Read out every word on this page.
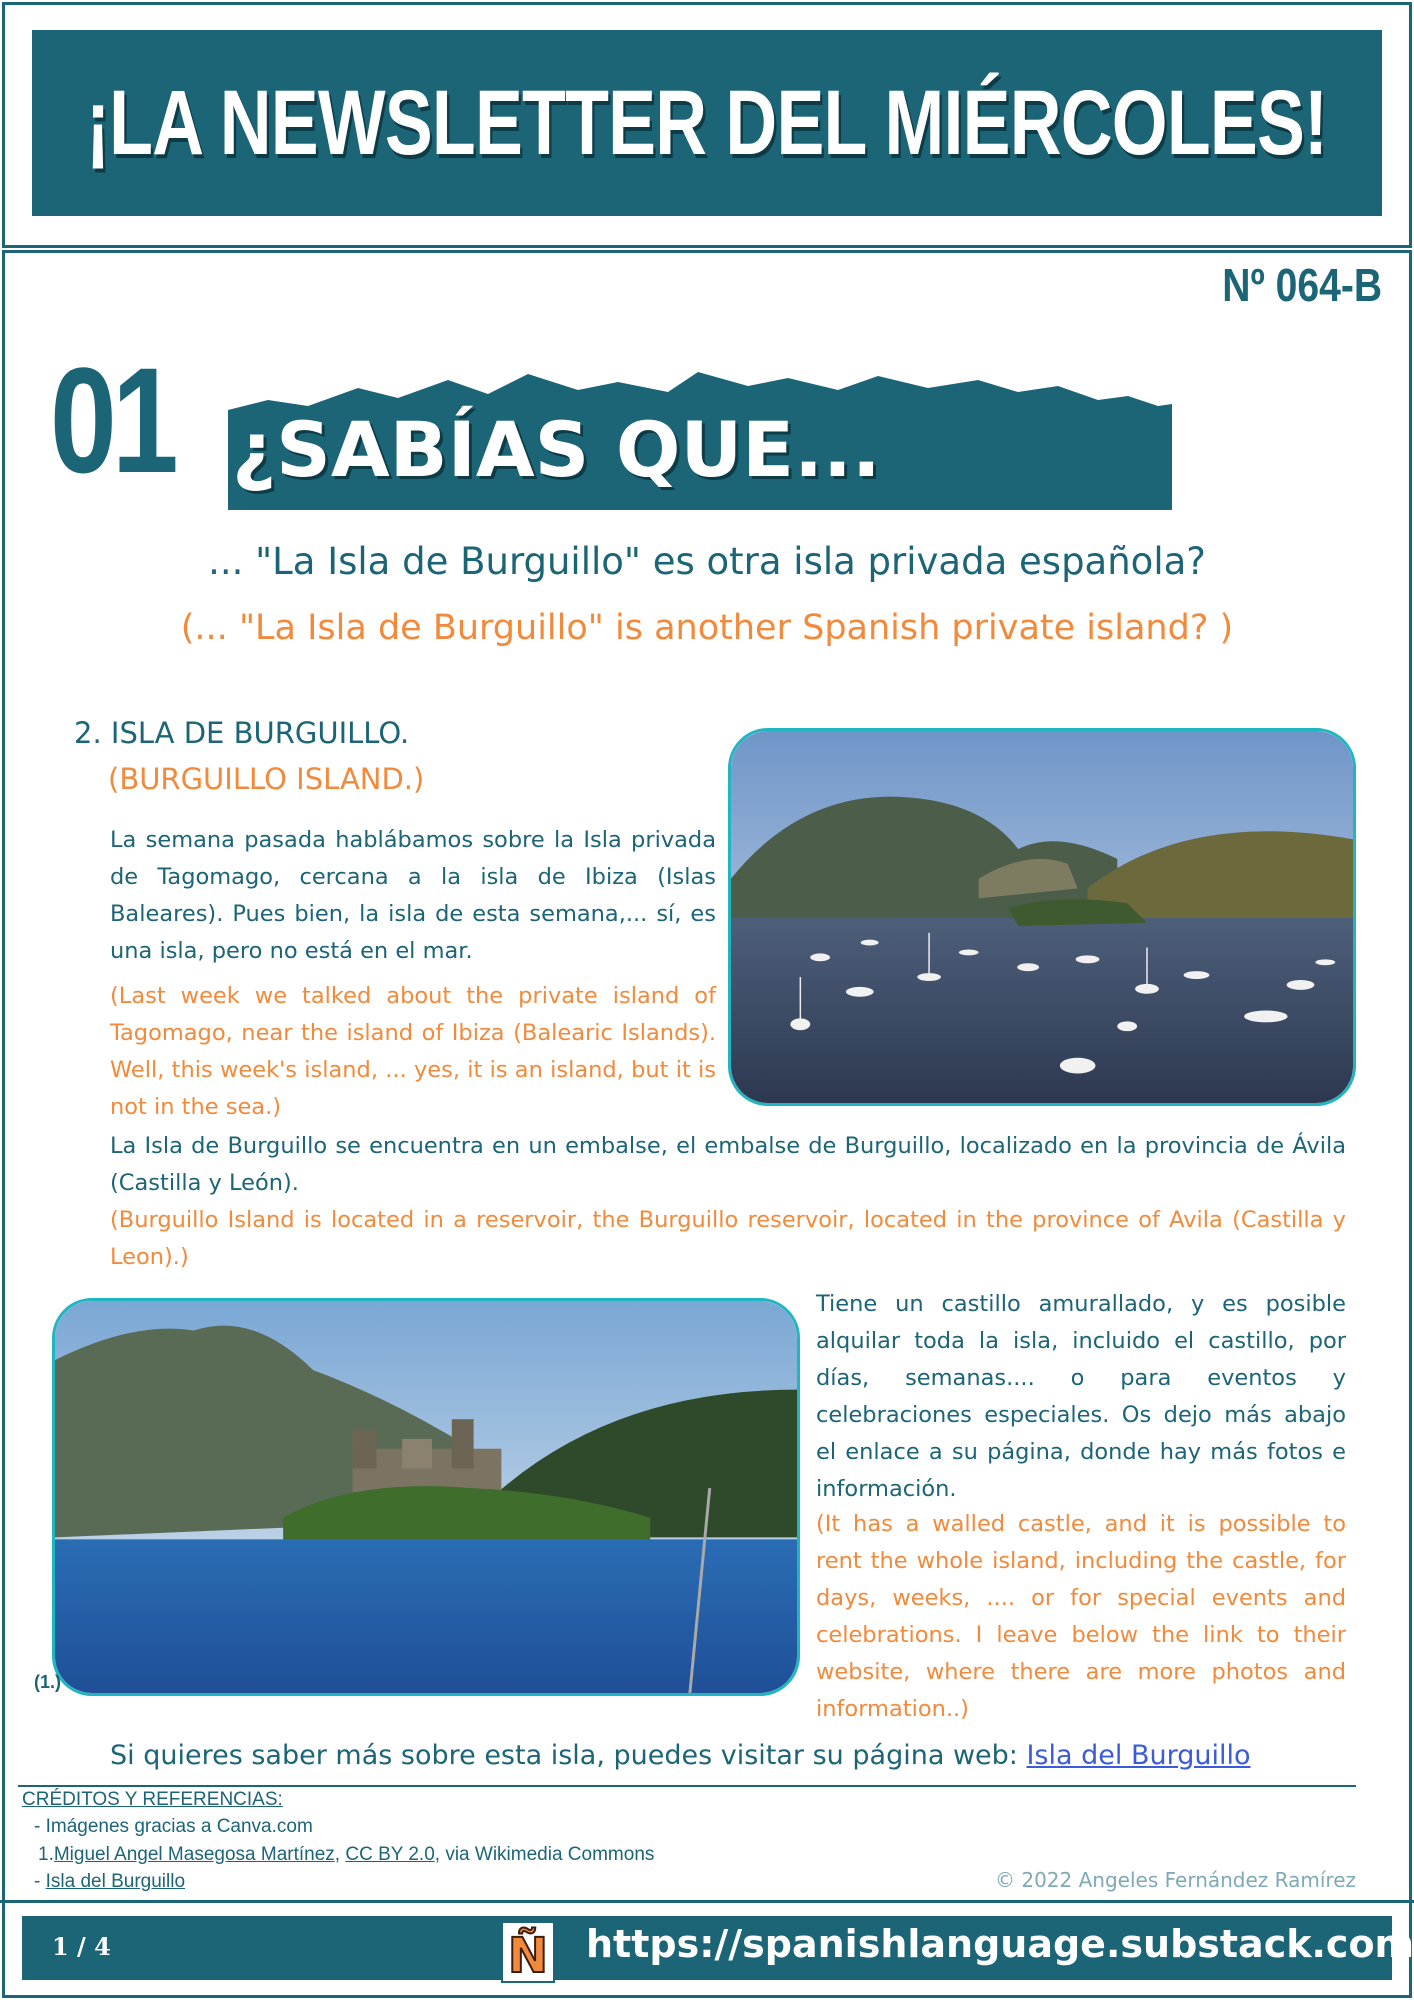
¡LA NEWSLETTER DEL MIÉRCOLES!
Nº 064-B
01 ¿SABÍAS QUE...
... "La Isla de Burguillo" es otra isla privada española?
(... "La Isla de Burguillo" is another Spanish private island? )
2. ISLA DE BURGUILLO.
(BURGUILLO ISLAND.)
La semana pasada hablábamos sobre la Isla privada de Tagomago, cercana a la isla de Ibiza (Islas Baleares). Pues bien, la isla de esta semana,... sí, es una isla, pero no está en el mar.
(Last week we talked about the private island of Tagomago, near the island of Ibiza (Balearic Islands). Well, this week's island, ... yes, it is an island, but it is not in the sea.)
La Isla de Burguillo se encuentra en un embalse, el embalse de Burguillo, localizado en la provincia de Ávila (Castilla y León).
(Burguillo Island is located in a reservoir, the Burguillo reservoir, located in the province of Avila (Castilla y Leon).)
(1.)
Tiene un castillo amurallado, y es posible alquilar toda la isla, incluido el castillo, por días, semanas.... o para eventos y celebraciones especiales. Os dejo más abajo el enlace a su página, donde hay más fotos e información.
(It has a walled castle, and it is possible to rent the whole island, including the castle, for days, weeks, .... or for special events and celebrations. I leave below the link to their website, where there are more photos and information..)
Si quieres saber más sobre esta isla, puedes visitar su página web: Isla del Burguillo
CRÉDITOS Y REFERENCIAS:
- Imágenes gracias a Canva.com
1.Miguel Angel Masegosa Martínez, CC BY 2.0, via Wikimedia Commons
- Isla del Burguillo	© 2022 Angeles Fernández Ramírez
1 / 4	Ñ https://spanishlanguage.substack.com
